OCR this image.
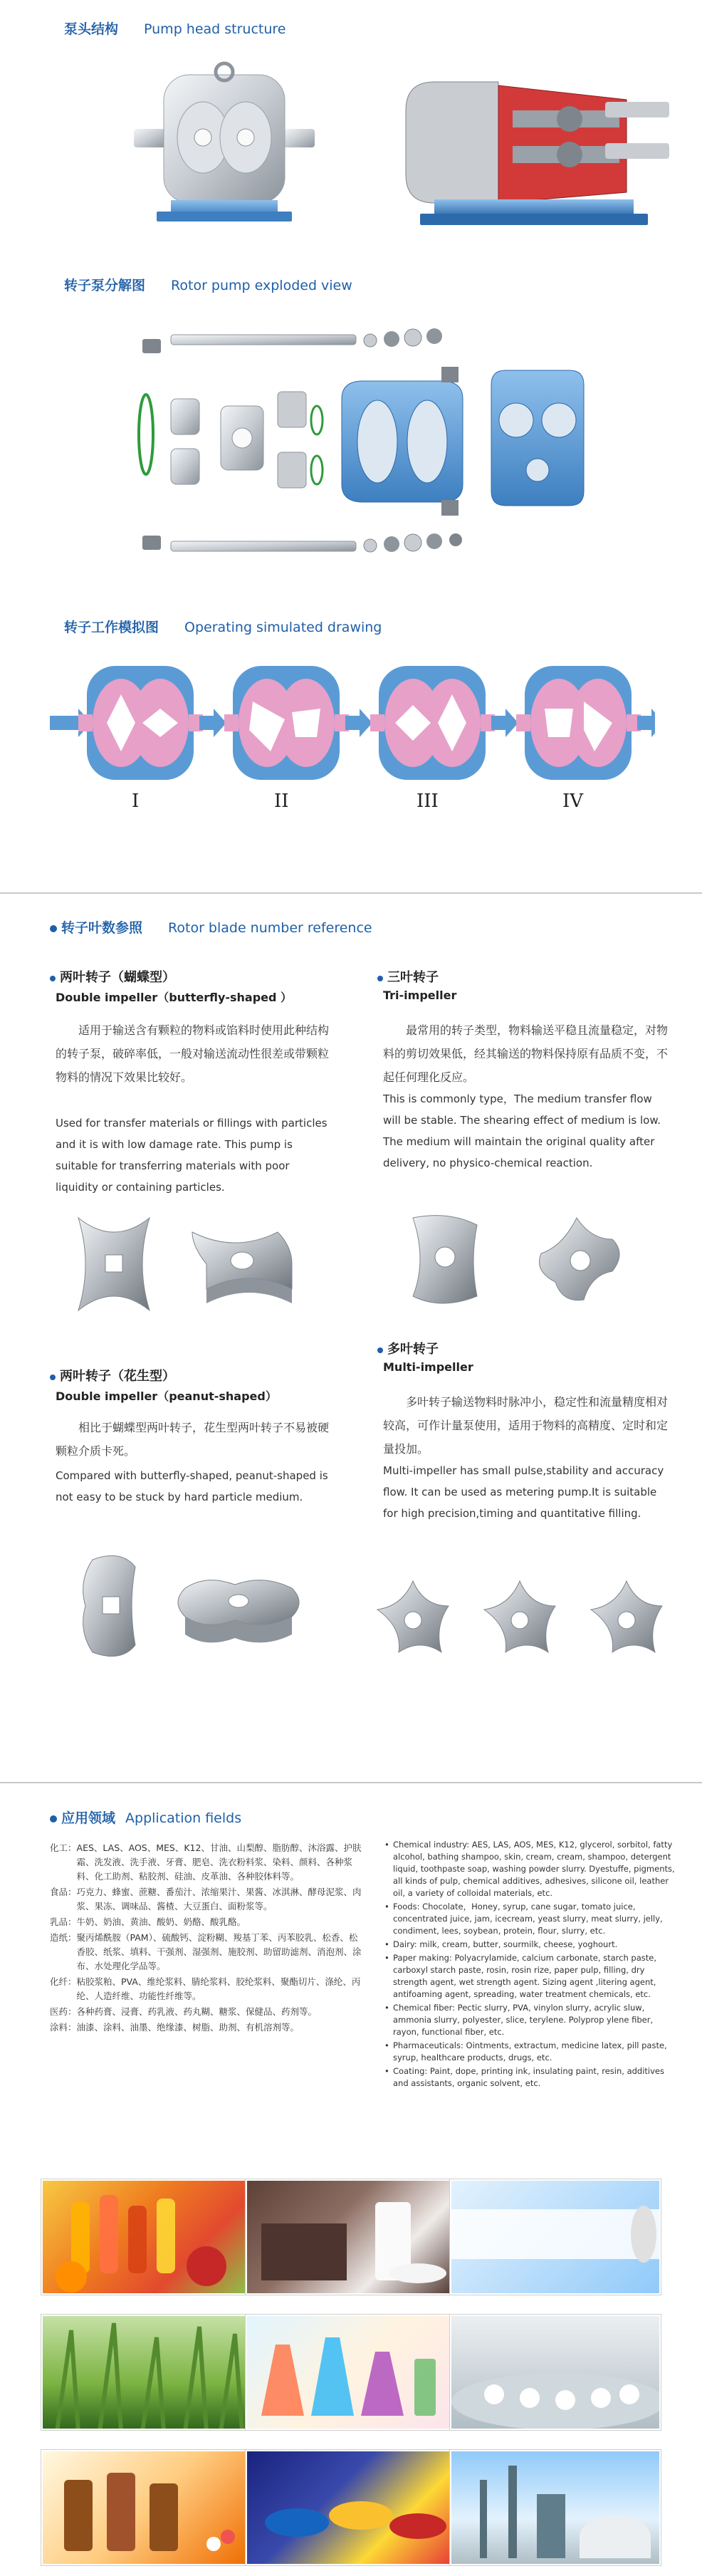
泵头结构 Pump head structure
转子泵分解图 Rotor pump exploded view
转子工作模拟图 Operating simulated drawing
I	II	III	IV
转子叶数参照 Rotor blade number reference
两叶转子（蝴蝶型）
Double impeller（butterfly-shaped ）
适用于输送含有颗粒的物料或馅料时使用此种结构的转子泵，破碎率低，一般对输送流动性很差或带颗粒物料的情况下效果比较好。
Used for transfer materials or fillings with particles and it is with low damage rate. This pump is suitable for transferring materials with poor liquidity or containing particles.
三叶转子
Tri-impeller
最常用的转子类型，物料输送平稳且流量稳定，对物料的剪切效果低，经其输送的物料保持原有品质不变，不起任何理化反应。
This is commonly type，The medium transfer flow will be stable. The shearing effect of medium is low. The medium will maintain the original quality after delivery, no physico-chemical reaction.
两叶转子（花生型）
Double impeller（peanut-shaped）
相比于蝴蝶型两叶转子，花生型两叶转子不易被硬颗粒介质卡死。
Compared with butterfly-shaped, peanut-shaped is not easy to be stuck by hard particle medium.
多叶转子
Multi-impeller
多叶转子输送物料时脉冲小，稳定性和流量精度相对较高，可作计量泵使用，适用于物料的高精度、定时和定量投加。
Multi-impeller has small pulse,stability and accuracy flow. It can be used as metering pump.It is suitable for high precision,timing and quantitative filling.
应用领域 Application fields
化工： AES、LAS、AOS、MES、K12、甘油、山梨醇、脂肪醇、沐浴露、护肤霜、洗发液、洗手液、牙膏、肥皂、洗衣粉料浆、染料、颜料、各种浆料、化工助剂、粘胶剂、硅油、皮革油、各种胶体料等。
食品： 巧克力、蜂蜜、蔗糖、番茄汁、浓缩果汁、果酱、冰淇淋、酵母泥浆、肉浆、果冻、调味品、酱楂、大豆蛋白、面粉浆等。
乳品： 牛奶、奶油、黄油、酸奶、奶酪、酸乳酪。
造纸： 聚丙烯酰胺（PAM）、硫酸钙、淀粉糊、羧基丁苯、丙苯胶乳、松香、松香胶、纸浆、填料、干强剂、湿强剂、施胶剂、助留助滤剂、消泡剂、涂布、水处理化学品等。
化纤： 粘胶浆粕、PVA、维纶浆料、腈纶浆料、胶纶浆料、聚酯切片、涤纶、丙纶、人造纤维、功能性纤维等。
医药： 各种药膏、浸膏、药乳液、药丸糊、糖浆、保健品、药剂等。
涂料： 油漆、涂料、油墨、绝缘漆、树脂、助剂、有机溶剂等。
• Chemical industry: AES, LAS, AOS, MES, K12, glycerol, sorbitol, fatty alcohol, bathing shampoo, skin, cream, cream, shampoo, detergent liquid, toothpaste soap, washing powder slurry. Dyestuffe, pigments, all kinds of pulp, chemical additives, adhesives, silicone oil, leather oil, a variety of colloidal materials, etc.
• Foods: Chocolate，Honey, syrup, cane sugar, tomato juice, concentrated juice, jam, icecream, yeast slurry, meat slurry, jelly, condiment, lees, soybean, protein, flour, slurry, etc.
• Dairy: milk, cream, butter, sourmilk, cheese, yoghourt.
• Paper making: Polyacrylamide, calcium carbonate, starch paste, carboxyl starch paste, rosin, rosin rize, paper pulp, filling, dry strength agent, wet strength agent. Sizing agent ,litering agent, antifoaming agent, spreading, water treatment chemicals, etc.
• Chemical fiber: Pectic slurry, PVA, vinylon slurry, acrylic sluw, ammonia slurry, polyester, slice, terylene. Polyprop ylene fiber, rayon, functional fiber, etc.
• Pharmaceuticals: Ointments, extractum, medicine latex, pill paste, syrup, healthcare products, drugs, etc.
• Coating: Paint, dope, printing ink, insulating paint, resin, additives and assistants, organic solvent, etc.
